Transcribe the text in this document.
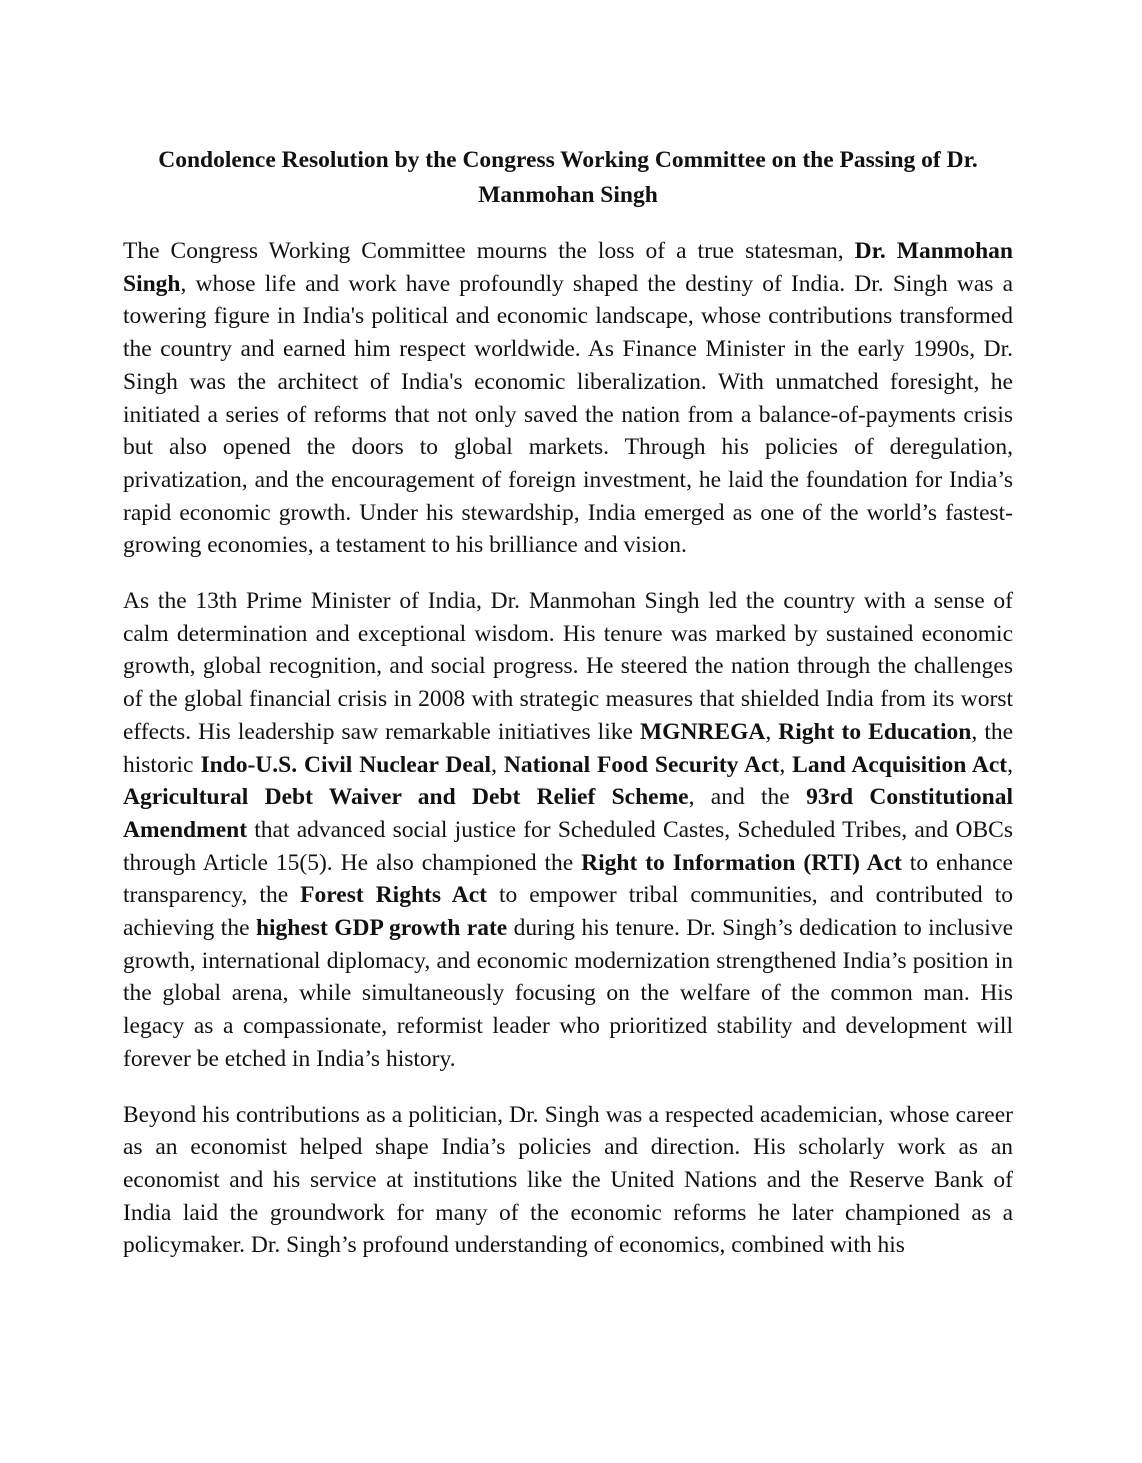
Condolence Resolution by the Congress Working Committee on the Passing of Dr. Manmohan Singh

The Congress Working Committee mourns the loss of a true statesman, Dr. Manmohan Singh, whose life and work have profoundly shaped the destiny of India. Dr. Singh was a towering figure in India's political and economic landscape, whose contributions transformed the country and earned him respect worldwide. As Finance Minister in the early 1990s, Dr. Singh was the architect of India's economic liberalization. With unmatched foresight, he initiated a series of reforms that not only saved the nation from a balance-of-payments crisis but also opened the doors to global markets. Through his policies of deregulation, privatization, and the encouragement of foreign investment, he laid the foundation for India’s rapid economic growth. Under his stewardship, India emerged as one of the world’s fastest-growing economies, a testament to his brilliance and vision.

As the 13th Prime Minister of India, Dr. Manmohan Singh led the country with a sense of calm determination and exceptional wisdom. His tenure was marked by sustained economic growth, global recognition, and social progress. He steered the nation through the challenges of the global financial crisis in 2008 with strategic measures that shielded India from its worst effects. His leadership saw remarkable initiatives like MGNREGA, Right to Education, the historic Indo-U.S. Civil Nuclear Deal, National Food Security Act, Land Acquisition Act, Agricultural Debt Waiver and Debt Relief Scheme, and the 93rd Constitutional Amendment that advanced social justice for Scheduled Castes, Scheduled Tribes, and OBCs through Article 15(5). He also championed the Right to Information (RTI) Act to enhance transparency, the Forest Rights Act to empower tribal communities, and contributed to achieving the highest GDP growth rate during his tenure. Dr. Singh’s dedication to inclusive growth, international diplomacy, and economic modernization strengthened India’s position in the global arena, while simultaneously focusing on the welfare of the common man. His legacy as a compassionate, reformist leader who prioritized stability and development will forever be etched in India’s history.

Beyond his contributions as a politician, Dr. Singh was a respected academician, whose career as an economist helped shape India’s policies and direction. His scholarly work as an economist and his service at institutions like the United Nations and the Reserve Bank of India laid the groundwork for many of the economic reforms he later championed as a policymaker. Dr. Singh’s profound understanding of economics, combined with his
